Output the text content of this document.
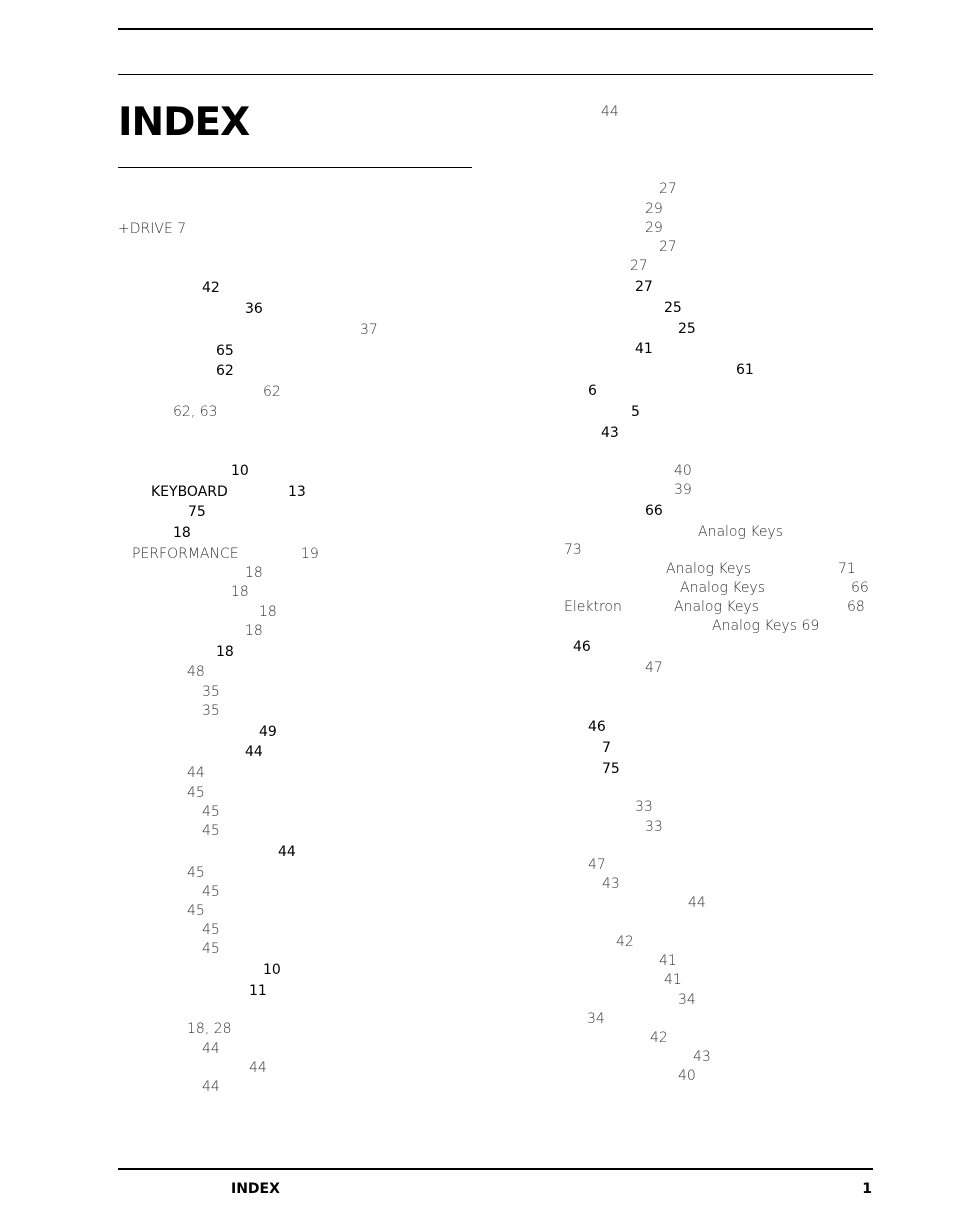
INDEX
+DRIVE 7
42
36
37
65
62
62
62, 63
10
KEYBOARD	13
75
18
PERFORMANCE	19
18
18
18
18
18
48
35
35
49
44
44
45
45
45
44
45
45
45
45
45
10
11
18, 28
44
44
44
44
27
29
29
27
27
27
25
25
41
61
6
5
43
40
39
66
Analog Keys
73
Analog Keys	71
Analog Keys	66
Elektron	Analog Keys	68
Analog Keys 69
46
47
46
7
75
33
33
47
43
44
42
41
41
34
34
42
43
40
INDEX	1
